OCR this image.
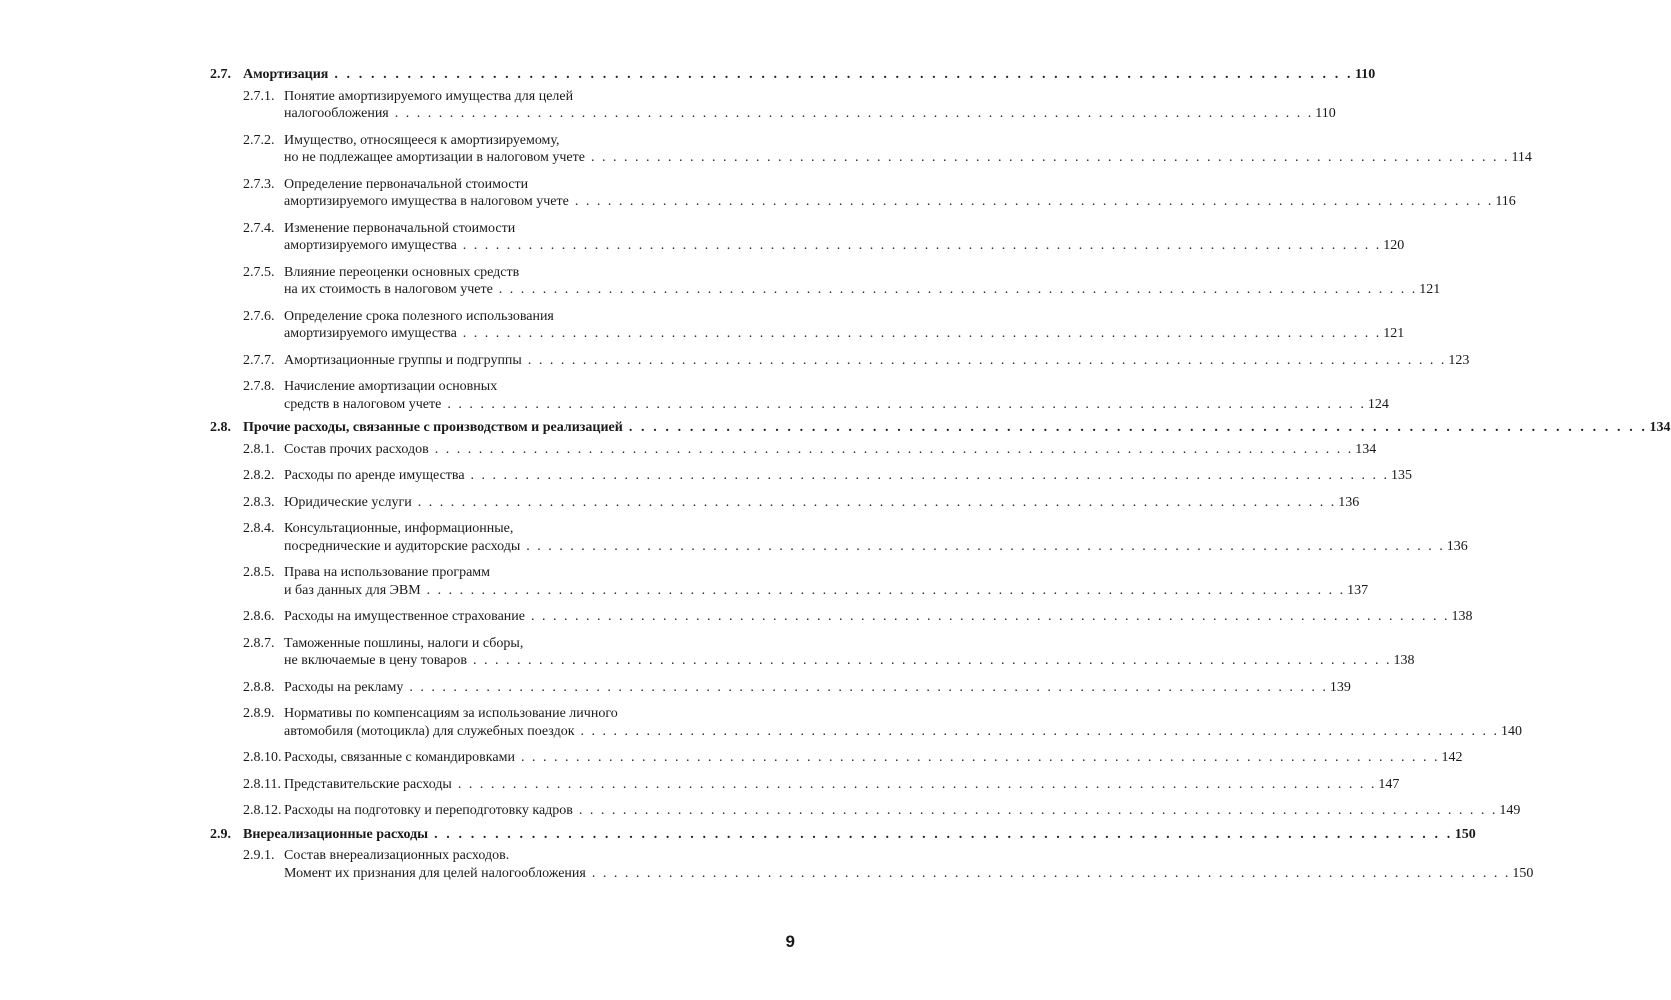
2.7. Амортизация . . . . . . . . . . . . . . . . . . . . . . . . . . . . . . . . . . . . . . . . . . . . . . . . . . . . . . . . . . . . . . . . . . . . . . . . . . . . . . . . . . . . 110
2.7.1. Понятие амортизируемого имущества для целей
налогообложения . . . . . . . . . . . . . . . . . . . . . . . . . . . . . . . . . . . . . . . . . . . . . . . . . . . . . . . . . . . . . . . . . . . . . . . . . . . . . . . . . . . . 110
2.7.2. Имущество, относящееся к амортизируемому,
но не подлежащее амортизации в налоговом учете . . . . . . . . . . . . . . . . . . . . . . . . . . . . . . . . . . . . . . . . . . . . . . . . . . . . . . . . . . . . . . . . . . . . . . . . . . . . . . . . . . . . 114
2.7.3. Определение первоначальной стоимости
амортизируемого имущества в налоговом учете . . . . . . . . . . . . . . . . . . . . . . . . . . . . . . . . . . . . . . . . . . . . . . . . . . . . . . . . . . . . . . . . . . . . . . . . . . . . . . . . . . . . 116
2.7.4. Изменение первоначальной стоимости
амортизируемого имущества . . . . . . . . . . . . . . . . . . . . . . . . . . . . . . . . . . . . . . . . . . . . . . . . . . . . . . . . . . . . . . . . . . . . . . . . . . . . . . . . . . . . 120
2.7.5. Влияние переоценки основных средств
на их стоимость в налоговом учете . . . . . . . . . . . . . . . . . . . . . . . . . . . . . . . . . . . . . . . . . . . . . . . . . . . . . . . . . . . . . . . . . . . . . . . . . . . . . . . . . . . . 121
2.7.6. Определение срока полезного использования
амортизируемого имущества . . . . . . . . . . . . . . . . . . . . . . . . . . . . . . . . . . . . . . . . . . . . . . . . . . . . . . . . . . . . . . . . . . . . . . . . . . . . . . . . . . . . 121
2.7.7. Амортизационные группы и подгруппы . . . . . . . . . . . . . . . . . . . . . . . . . . . . . . . . . . . . . . . . . . . . . . . . . . . . . . . . . . . . . . . . . . . . . . . . . . . . . . . . . . . . 123
2.7.8. Начисление амортизации основных
средств в налоговом учете . . . . . . . . . . . . . . . . . . . . . . . . . . . . . . . . . . . . . . . . . . . . . . . . . . . . . . . . . . . . . . . . . . . . . . . . . . . . . . . . . . . . 124
2.8. Прочие расходы, связанные с производством и реализацией . . . . . . . . . . . . . . . . . . . . . . . . . . . . . . . . . . . . . . . . . . . . . . . . . . . . . . . . . . . . . . . . . . . . . . . . . . . . . . . . . . . . 134
2.8.1. Состав прочих расходов . . . . . . . . . . . . . . . . . . . . . . . . . . . . . . . . . . . . . . . . . . . . . . . . . . . . . . . . . . . . . . . . . . . . . . . . . . . . . . . . . . . . 134
2.8.2. Расходы по аренде имущества . . . . . . . . . . . . . . . . . . . . . . . . . . . . . . . . . . . . . . . . . . . . . . . . . . . . . . . . . . . . . . . . . . . . . . . . . . . . . . . . . . . . 135
2.8.3. Юридические услуги . . . . . . . . . . . . . . . . . . . . . . . . . . . . . . . . . . . . . . . . . . . . . . . . . . . . . . . . . . . . . . . . . . . . . . . . . . . . . . . . . . . . 136
2.8.4. Консультационные, информационные,
посреднические и аудиторские расходы . . . . . . . . . . . . . . . . . . . . . . . . . . . . . . . . . . . . . . . . . . . . . . . . . . . . . . . . . . . . . . . . . . . . . . . . . . . . . . . . . . . . 136
2.8.5. Права на использование программ
и баз данных для ЭВМ . . . . . . . . . . . . . . . . . . . . . . . . . . . . . . . . . . . . . . . . . . . . . . . . . . . . . . . . . . . . . . . . . . . . . . . . . . . . . . . . . . . . 137
2.8.6. Расходы на имущественное страхование . . . . . . . . . . . . . . . . . . . . . . . . . . . . . . . . . . . . . . . . . . . . . . . . . . . . . . . . . . . . . . . . . . . . . . . . . . . . . . . . . . . . 138
2.8.7. Таможенные пошлины, налоги и сборы,
не включаемые в цену товаров . . . . . . . . . . . . . . . . . . . . . . . . . . . . . . . . . . . . . . . . . . . . . . . . . . . . . . . . . . . . . . . . . . . . . . . . . . . . . . . . . . . . 138
2.8.8. Расходы на рекламу . . . . . . . . . . . . . . . . . . . . . . . . . . . . . . . . . . . . . . . . . . . . . . . . . . . . . . . . . . . . . . . . . . . . . . . . . . . . . . . . . . . . 139
2.8.9. Нормативы по компенсациям за использование личного
автомобиля (мотоцикла) для служебных поездок . . . . . . . . . . . . . . . . . . . . . . . . . . . . . . . . . . . . . . . . . . . . . . . . . . . . . . . . . . . . . . . . . . . . . . . . . . . . . . . . . . . . 140
2.8.10. Расходы, связанные с командировками . . . . . . . . . . . . . . . . . . . . . . . . . . . . . . . . . . . . . . . . . . . . . . . . . . . . . . . . . . . . . . . . . . . . . . . . . . . . . . . . . . . . 142
2.8.11. Представительские расходы . . . . . . . . . . . . . . . . . . . . . . . . . . . . . . . . . . . . . . . . . . . . . . . . . . . . . . . . . . . . . . . . . . . . . . . . . . . . . . . . . . . . 147
2.8.12. Расходы на подготовку и переподготовку кадров . . . . . . . . . . . . . . . . . . . . . . . . . . . . . . . . . . . . . . . . . . . . . . . . . . . . . . . . . . . . . . . . . . . . . . . . . . . . . . . . . . . . 149
2.9. Внереализационные расходы . . . . . . . . . . . . . . . . . . . . . . . . . . . . . . . . . . . . . . . . . . . . . . . . . . . . . . . . . . . . . . . . . . . . . . . . . . . . . . . . . . . . 150
2.9.1. Состав внереализационных расходов.
Момент их признания для целей налогообложения . . . . . . . . . . . . . . . . . . . . . . . . . . . . . . . . . . . . . . . . . . . . . . . . . . . . . . . . . . . . . . . . . . . . . . . . . . . . . . . . . . . . 150
9
